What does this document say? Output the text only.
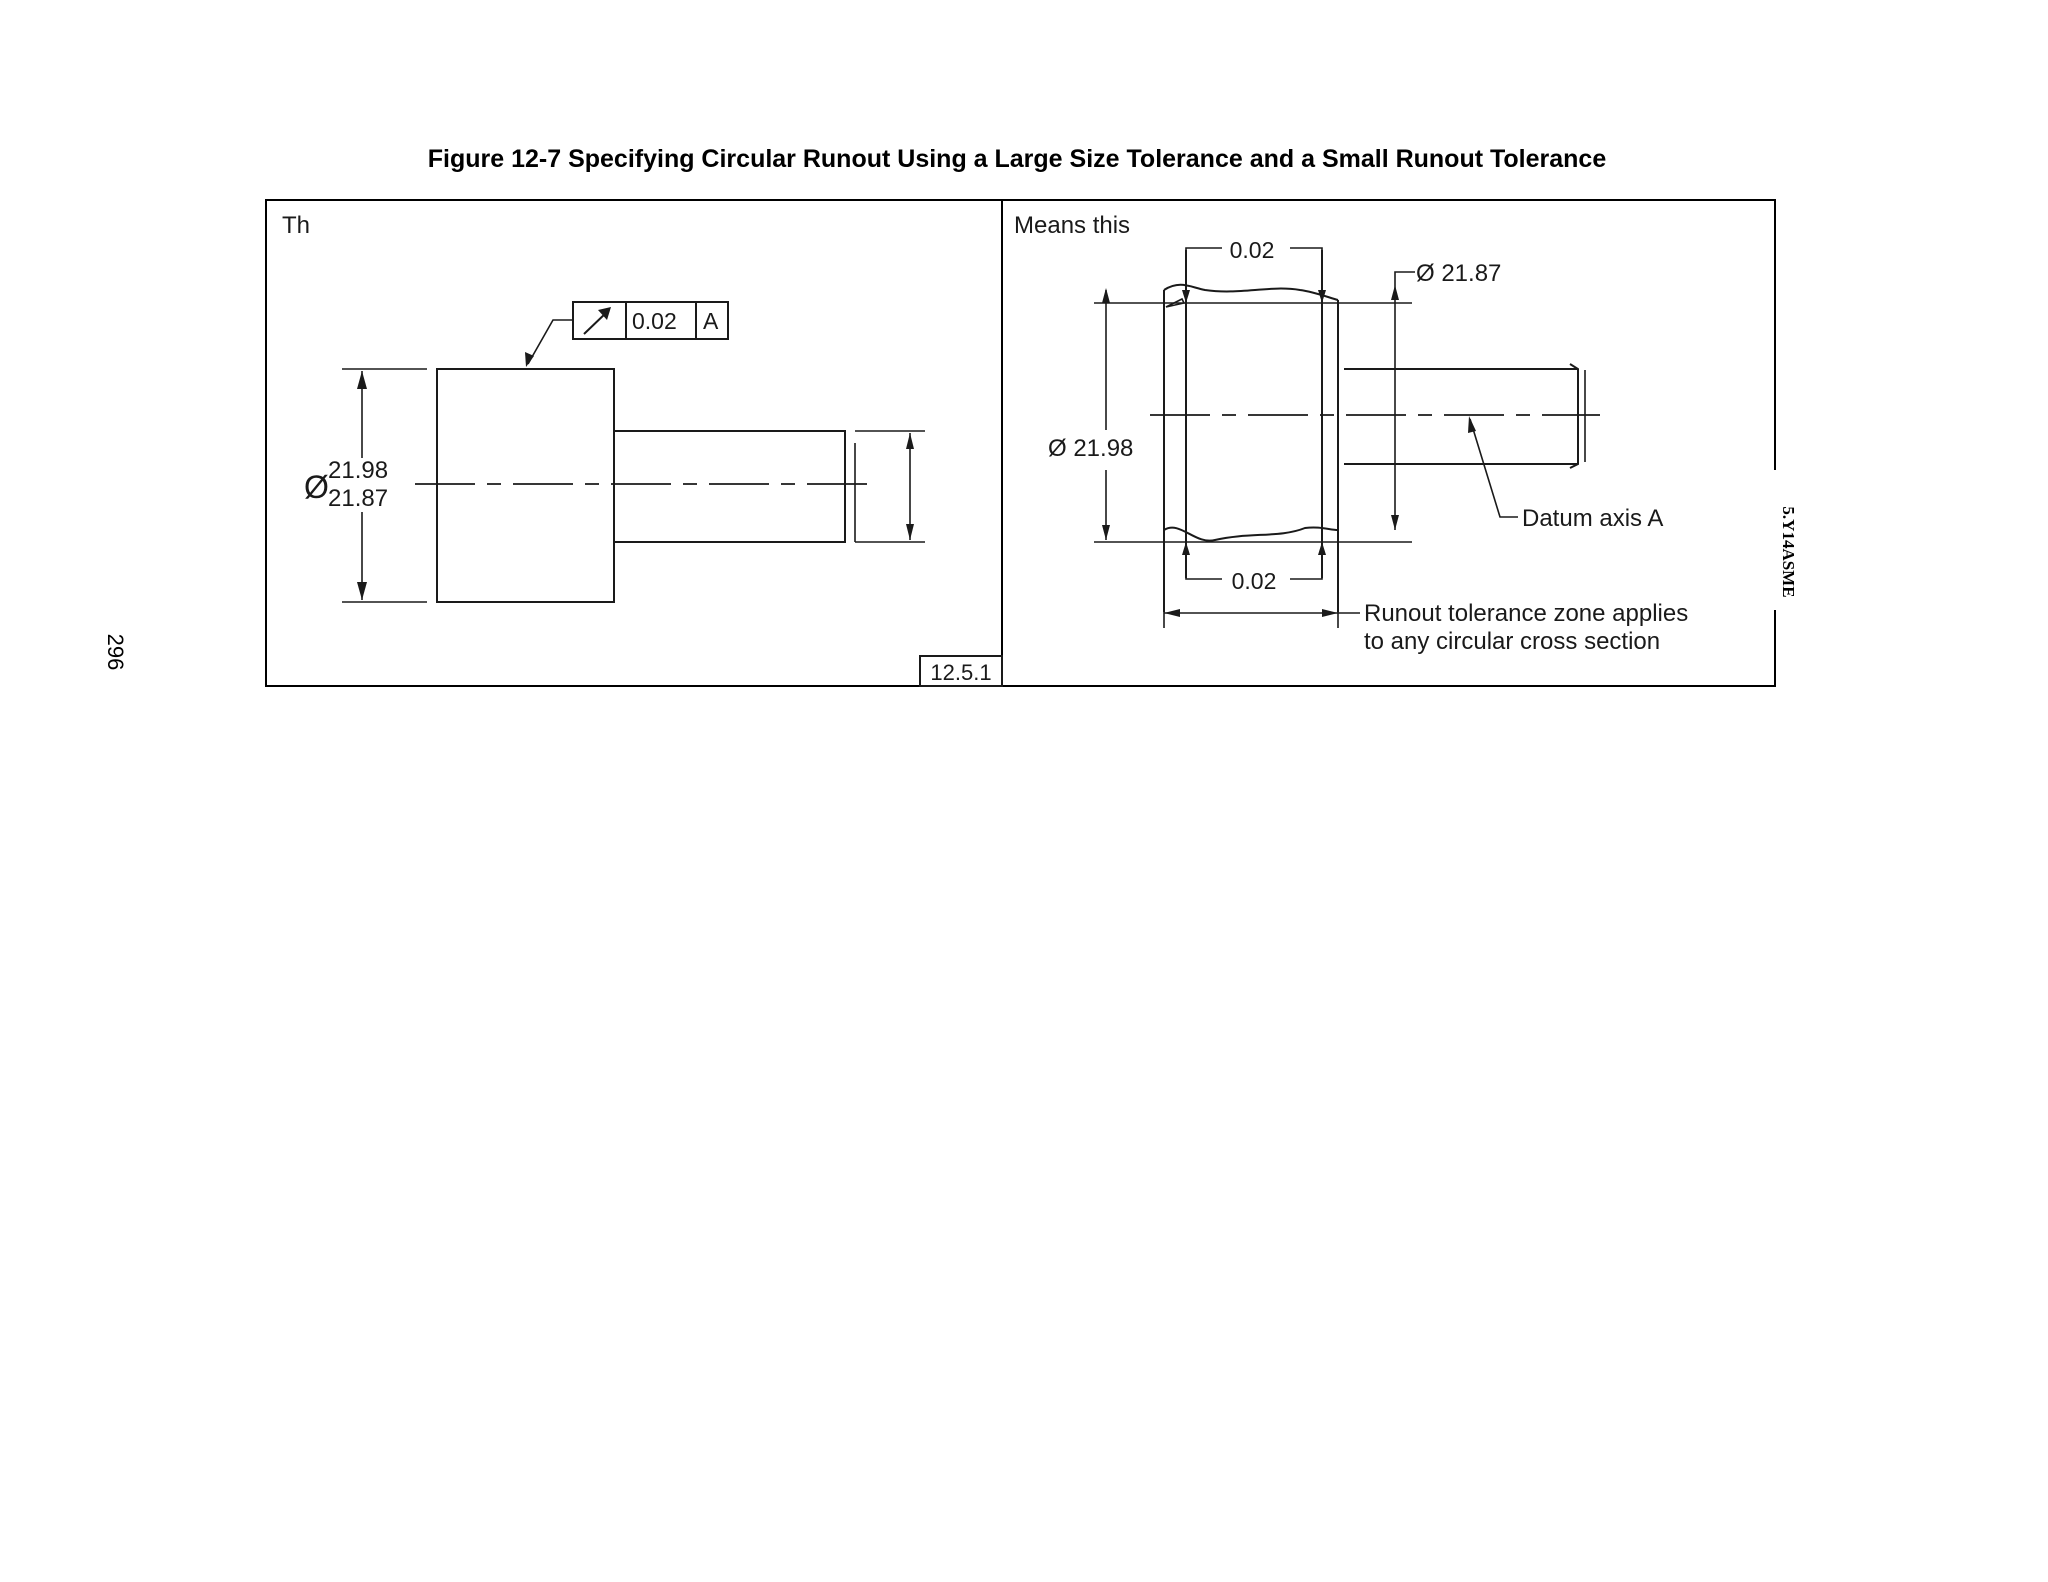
296
Figure 12-7 Specifying Circular Runout Using a Large Size Tolerance and a Small Runout Tolerance
5.Y14ASME
Th
Ø 21.98
21.87
0.02 A
12.5.1
Means this
0.02
0.02
Ø 21.98
Ø 21.87
Datum axis A
Runout tolerance zone applies
to any circular cross section
